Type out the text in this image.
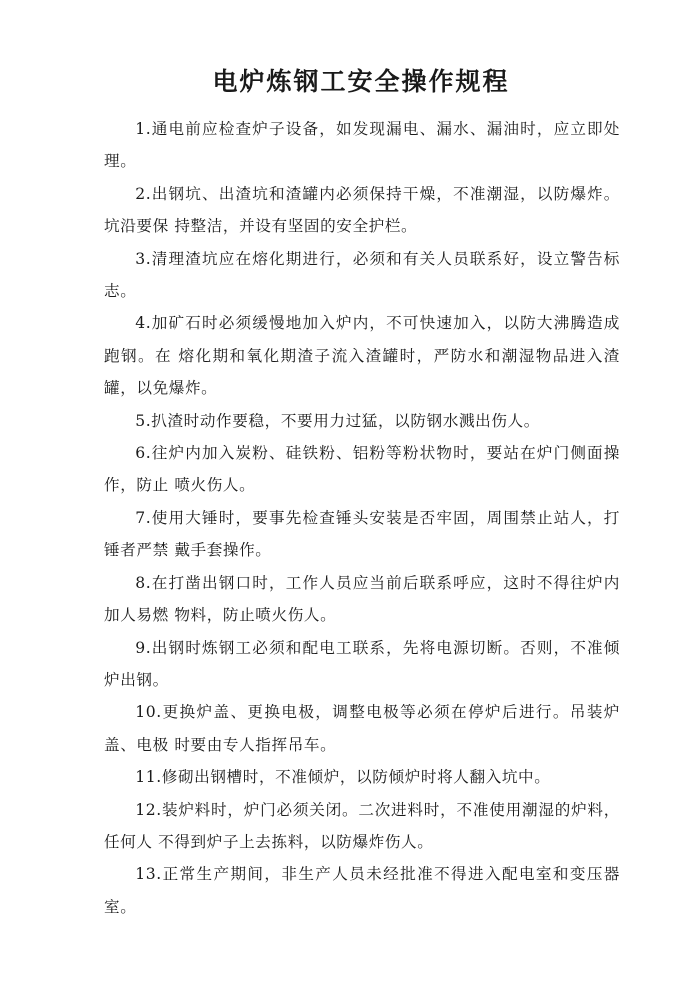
电炉炼钢工安全操作规程

1.通电前应检查炉子设备，如发现漏电、漏水、漏油时，应立即处理。

2.出钢坑、出渣坑和渣罐内必须保持干燥，不准潮湿，以防爆炸。坑沿要保 持整洁，并设有坚固的安全护栏。

3.清理渣坑应在熔化期进行，必须和有关人员联系好，设立警告标志。

4.加矿石时必须缓慢地加入炉内，不可快速加入，以防大沸腾造成跑钢。在 熔化期和氧化期渣子流入渣罐时，严防水和潮湿物品进入渣罐，以免爆炸。

5.扒渣时动作要稳，不要用力过猛，以防钢水溅出伤人。

6.往炉内加入炭粉、硅铁粉、铝粉等粉状物时，要站在炉门侧面操作，防止 喷火伤人。

7.使用大锤时，要事先检查锤头安装是否牢固，周围禁止站人，打锤者严禁 戴手套操作。

8.在打凿出钢口时，工作人员应当前后联系呼应，这时不得往炉内加人易燃 物料，防止喷火伤人。

9.出钢时炼钢工必须和配电工联系，先将电源切断。否则，不准倾炉出钢。

10.更换炉盖、更换电极，调整电极等必须在停炉后进行。吊装炉盖、电极 时要由专人指挥吊车。

11.修砌出钢槽时，不准倾炉，以防倾炉时将人翻入坑中。

12.装炉料时，炉门必须关闭。二次进料时，不准使用潮湿的炉料，任何人 不得到炉子上去拣料，以防爆炸伤人。

13.正常生产期间，非生产人员未经批准不得进入配电室和变压器室。
